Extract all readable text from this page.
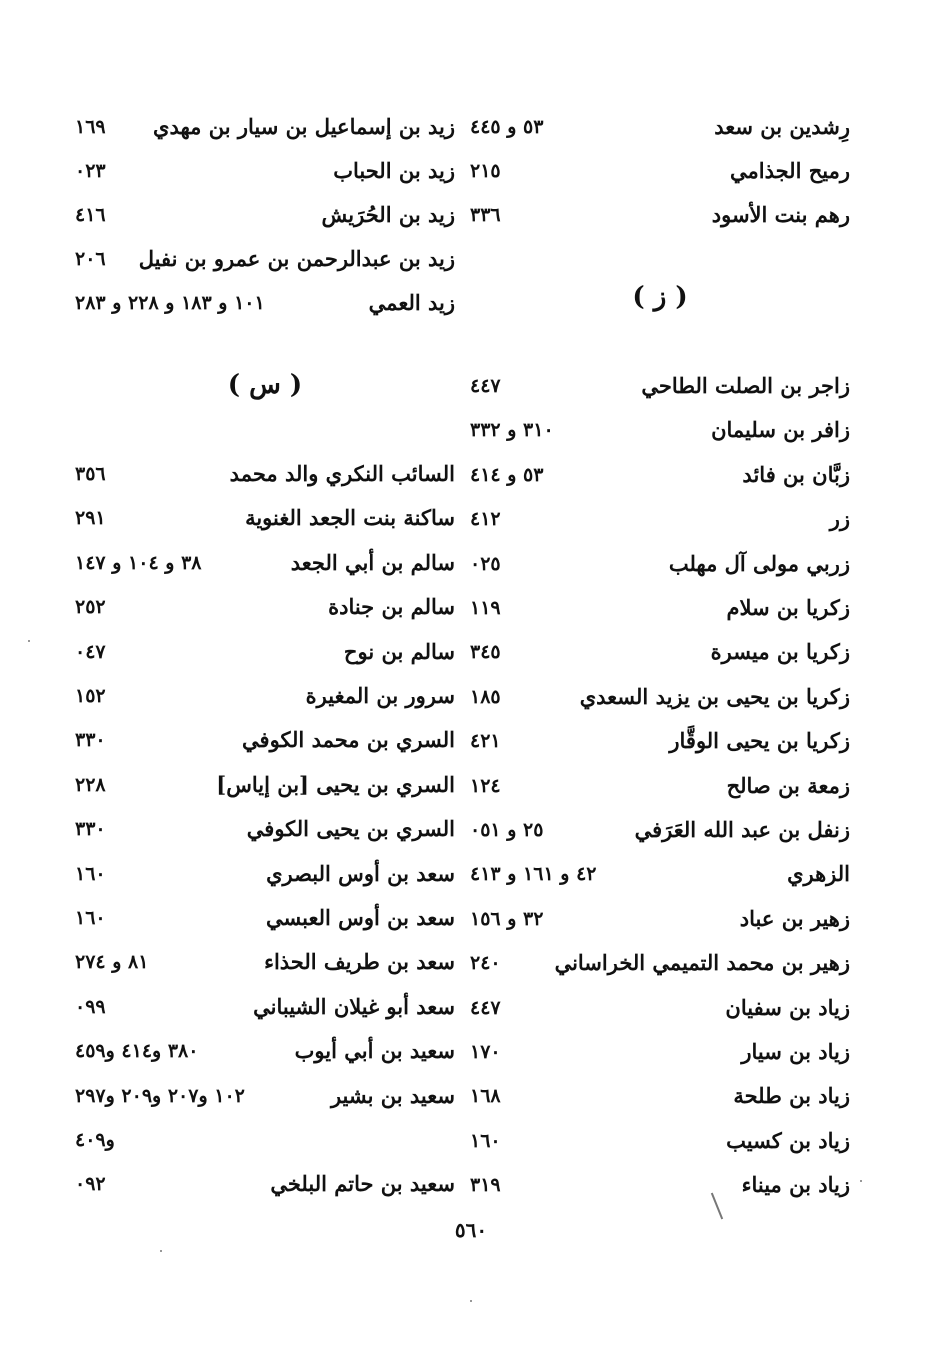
رِشدين بن سعد
٥٣ و ٤٤٥
رميح الجذامي
٢١٥
رهم بنت الأسود
٣٣٦
( ز )
زاجر بن الصلت الطاحي
٤٤٧
زافر بن سليمان
٣١٠ و ٣٣٢
زبَّان بن فائد
٥٣ و ٤١٤
زر
٤١٢
زربي مولى آل مهلب
٠٢٥
زكريا بن سلام
١١٩
زكريا بن ميسرة
٣٤٥
زكريا بن يحيى بن يزيد السعدي
١٨٥
زكريا بن يحيى الوقَّار
٤٢١
زمعة بن صالح
١٢٤
زنفل بن عبد الله العَرَفي
٢٥ و ٠٥١
الزهري
٤٢ و ١٦١ و ٤١٣
زهير بن عباد
٣٢ و ١٥٦
زهير بن محمد التميمي الخراساني
٢٤٠
زياد بن سفيان
٤٤٧
زياد بن سيار
١٧٠
زياد بن طلحة
١٦٨
زياد بن كسيب
١٦٠
زياد بن ميناء
٣١٩
زيد بن إسماعيل بن سيار بن مهدي
١٦٩
زيد بن الحباب
٠٢٣
زيد بن الحُرَيش
٤١٦
زيد بن عبدالرحمن بن عمرو بن نفيل
٢٠٦
زيد العمي
١٠١ و ١٨٣ و ٢٢٨ و ٢٨٣
( س )
السائب النكري والد محمد
٣٥٦
ساكنة بنت الجعد الغنوية
٢٩١
سالم بن أبي الجعد
٣٨ و ١٠٤ و ١٤٧
سالم بن جنادة
٢٥٢
سالم بن نوح
٠٤٧
سرور بن المغيرة
١٥٢
السري بن محمد الكوفي
٣٣٠
السري بن يحيى [بن إياس]
٢٢٨
السري بن يحيى الكوفي
٣٣٠
سعد بن أوس البصري
١٦٠
سعد بن أوس العبسي
١٦٠
سعد بن طريف الحذاء
٨١ و ٢٧٤
سعد أبو غيلان الشيباني
٠٩٩
سعيد بن أبي أيوب
٣٨٠ و٤١٤ و٤٥٩
سعيد بن بشير
١٠٢ و٢٠٧ و٢٠٩ و٢٩٧
و٤٠٩
سعيد بن حاتم البلخي
٠٩٢
٥٦٠
